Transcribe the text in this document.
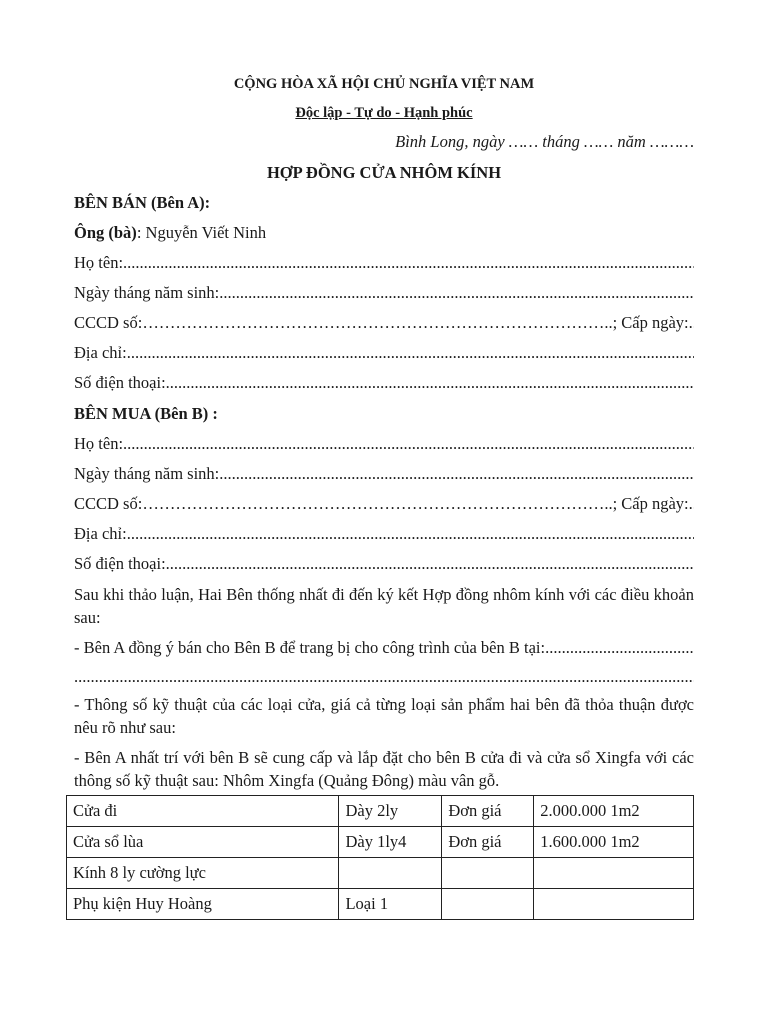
CỘNG HÒA XÃ HỘI CHỦ NGHĨA VIỆT NAM
Độc lập - Tự do - Hạnh phúc
Bình Long, ngày …… tháng …… năm ………
HỢP ĐỒNG CỬA NHÔM KÍNH
BÊN BÁN (Bên A):
Ông (bà): Nguyễn Viết Ninh
Họ tên:
.....
Ngày tháng năm sinh:
.....
CCCD số: …………………………………………………………………………	..; Cấp ngày:
.....
Địa chỉ:
.....
Số điện thoại:
.....
BÊN MUA (Bên B) :
Họ tên:
.....
Ngày tháng năm sinh:
.....
CCCD số: …………………………………………………………………………	..; Cấp ngày:
.....
Địa chỉ:
.....
Số điện thoại:
.....
Sau khi thảo luận, Hai Bên thống nhất đi đến ký kết Hợp đồng nhôm kính với các điều khoản sau:
- Bên A đồng ý bán cho Bên B để trang bị cho công trình của bên B tại:
.....
.....
- Thông số kỹ thuật của các loại cửa, giá cả từng loại sản phẩm hai bên đã thỏa thuận được nêu rõ như sau:
- Bên A nhất trí với bên B sẽ cung cấp và lắp đặt cho bên B cửa đi và cửa sổ Xingfa với các thông số kỹ thuật sau: Nhôm Xingfa (Quảng Đông) màu vân gỗ.
Cửa đi	Dày 2ly	Đơn giá	2.000.000 1m2
Cửa sổ lùa	Dày 1ly4	Đơn giá	1.600.000 1m2
Kính 8 ly cường lực			
Phụ kiện Huy Hoàng	Loại 1		
